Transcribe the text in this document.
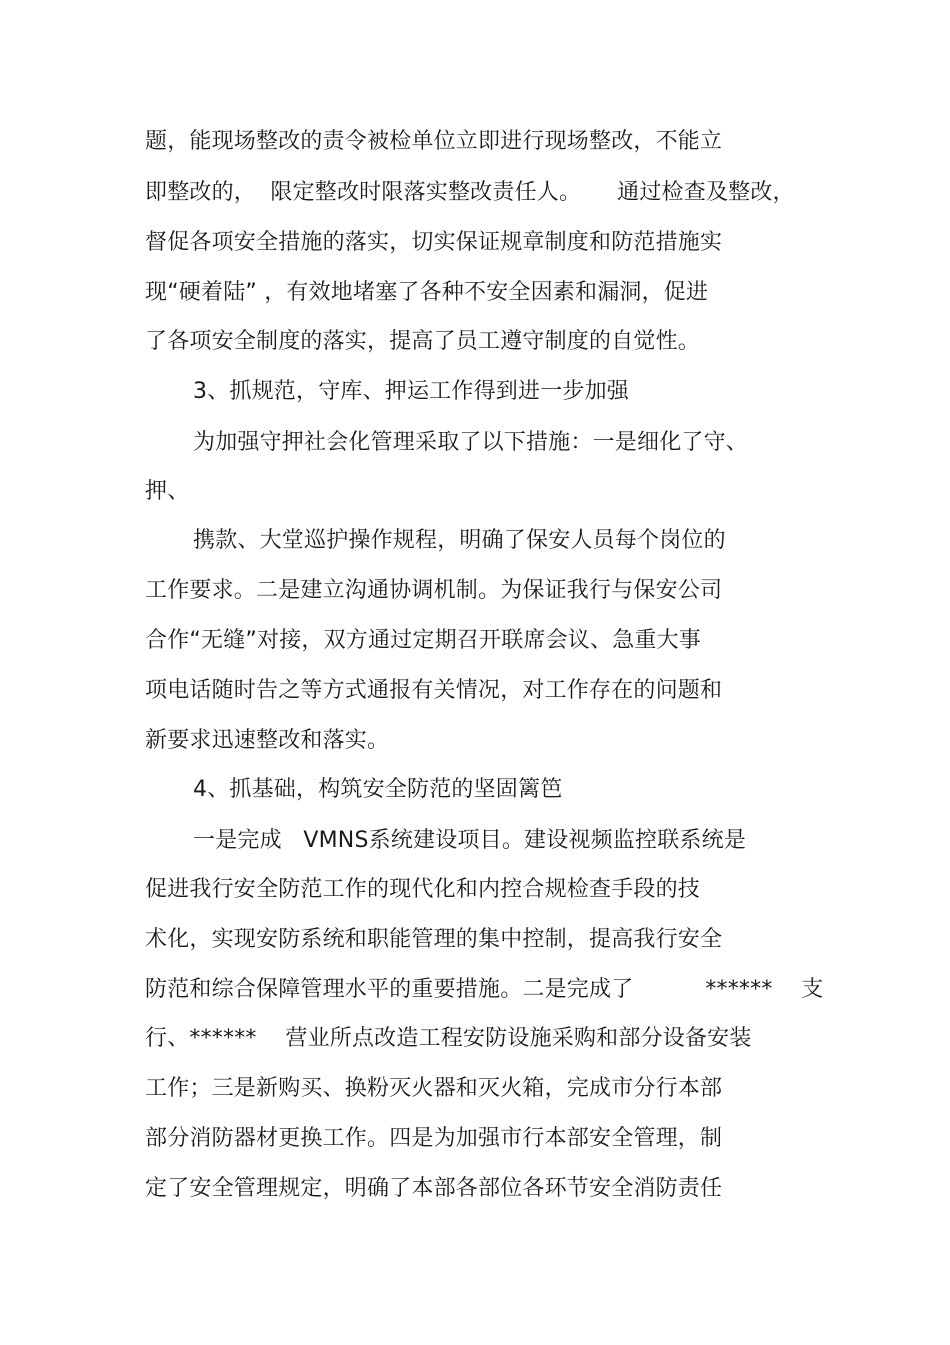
题，能现场整改的责令被检单位立即进行现场整改，不能立
即整改的，  限定整改时限落实整改责任人。     通过检查及整改，
督促各项安全措施的落实，切实保证规章制度和防范措施实
现“硬着陆” ，有效地堵塞了各种不安全因素和漏洞，促进
了各项安全制度的落实，提高了员工遵守制度的自觉性。
3、抓规范，守库、押运工作得到进一步加强
为加强守押社会化管理采取了以下措施：一是细化了守、
押、
携款、大堂巡护操作规程，明确了保安人员每个岗位的
工作要求。二是建立沟通协调机制。为保证我行与保安公司
合作“无缝”对接，双方通过定期召开联席会议、急重大事
项电话随时告之等方式通报有关情况，对工作存在的问题和
新要求迅速整改和落实。
4、抓基础，构筑安全防范的坚固篱笆
一是完成   VMNS系统建设项目。建设视频监控联系统是
促进我行安全防范工作的现代化和内控合规检查手段的技
术化，实现安防系统和职能管理的集中控制，提高我行安全
防范和综合保障管理水平的重要措施。二是完成了          ******    支
行、******    营业所点改造工程安防设施采购和部分设备安装
工作；三是新购买、换粉灭火器和灭火箱，完成市分行本部
部分消防器材更换工作。四是为加强市行本部安全管理，制
定了安全管理规定，明确了本部各部位各环节安全消防责任
